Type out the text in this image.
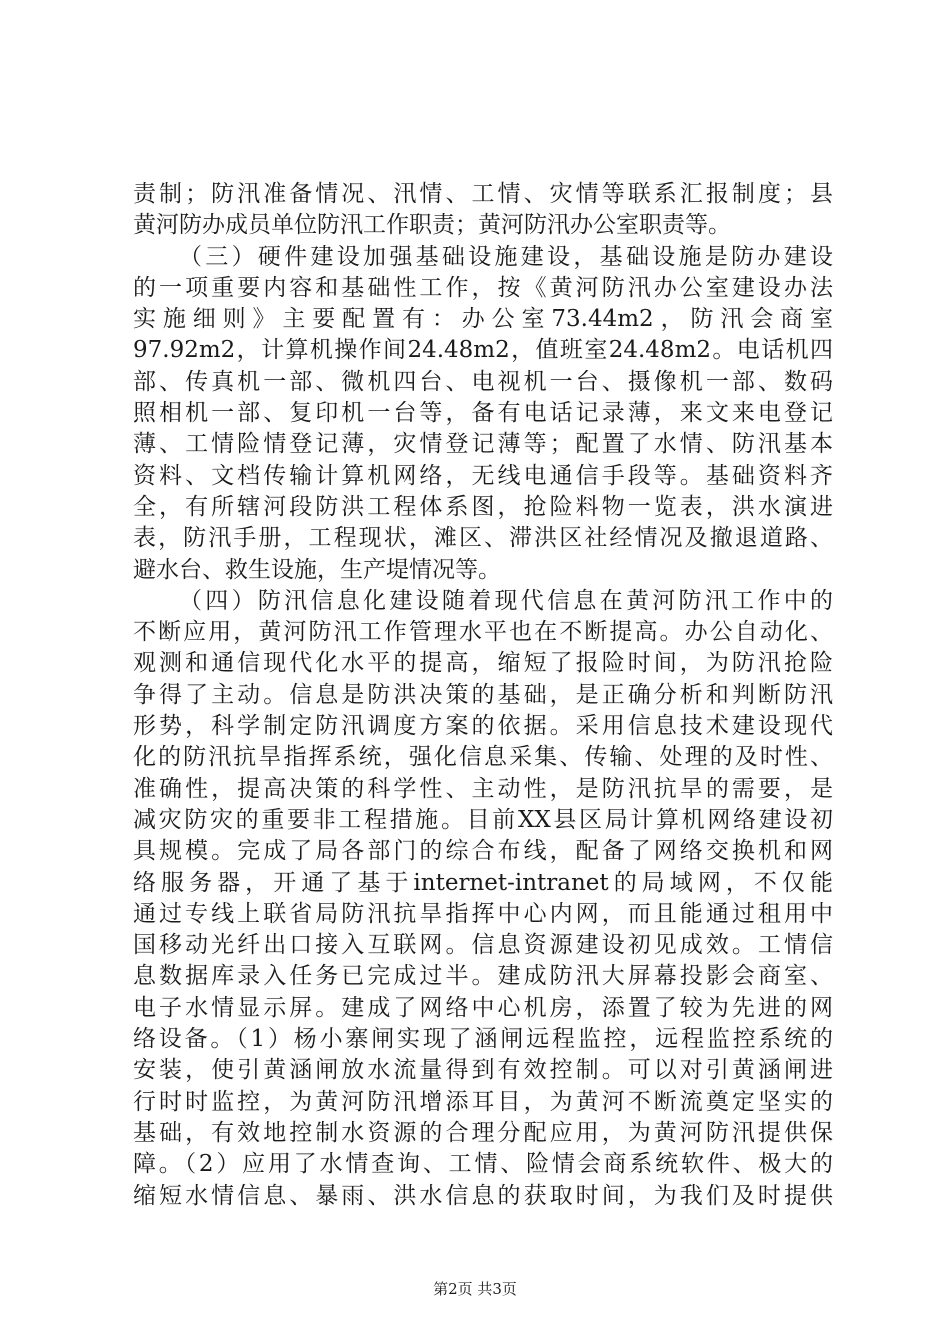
责制；防汛准备情况、汛情、工情、灾情等联系汇报制度；县
黄河防办成员单位防汛工作职责；黄河防汛办公室职责等。
（三）硬件建设加强基础设施建设，基础设施是防办建设
的一项重要内容和基础性工作，按《黄河防汛办公室建设办法
实施细则》主要配置有：办公室73.44m2，防汛会商室
97.92m2，计算机操作间24.48m2，值班室24.48m2。电话机四
部、传真机一部、微机四台、电视机一台、摄像机一部、数码
照相机一部、复印机一台等，备有电话记录薄，来文来电登记
薄、工情险情登记薄，灾情登记薄等；配置了水情、防汛基本
资料、文档传输计算机网络，无线电通信手段等。基础资料齐
全，有所辖河段防洪工程体系图，抢险料物一览表，洪水演进
表，防汛手册，工程现状，滩区、滞洪区社经情况及撤退道路、
避水台、救生设施，生产堤情况等。
（四）防汛信息化建设随着现代信息在黄河防汛工作中的
不断应用，黄河防汛工作管理水平也在不断提高。办公自动化、
观测和通信现代化水平的提高，缩短了报险时间，为防汛抢险
争得了主动。信息是防洪决策的基础，是正确分析和判断防汛
形势，科学制定防汛调度方案的依据。采用信息技术建设现代
化的防汛抗旱指挥系统，强化信息采集、传输、处理的及时性、
准确性，提高决策的科学性、主动性，是防汛抗旱的需要，是
减灾防灾的重要非工程措施。目前XX县区局计算机网络建设初
具规模。完成了局各部门的综合布线，配备了网络交换机和网
络服务器，开通了基于internet-intranet的局域网，不仅能
通过专线上联省局防汛抗旱指挥中心内网，而且能通过租用中
国移动光纤出口接入互联网。信息资源建设初见成效。工情信
息数据库录入任务已完成过半。建成防汛大屏幕投影会商室、
电子水情显示屏。建成了网络中心机房，添置了较为先进的网
络设备。（1）杨小寨闸实现了涵闸远程监控，远程监控系统的
安装，使引黄涵闸放水流量得到有效控制。可以对引黄涵闸进
行时时监控，为黄河防汛增添耳目，为黄河不断流奠定坚实的
基础，有效地控制水资源的合理分配应用，为黄河防汛提供保
障。（2）应用了水情查询、工情、险情会商系统软件、极大的
缩短水情信息、暴雨、洪水信息的获取时间，为我们及时提供
第2页 共3页
